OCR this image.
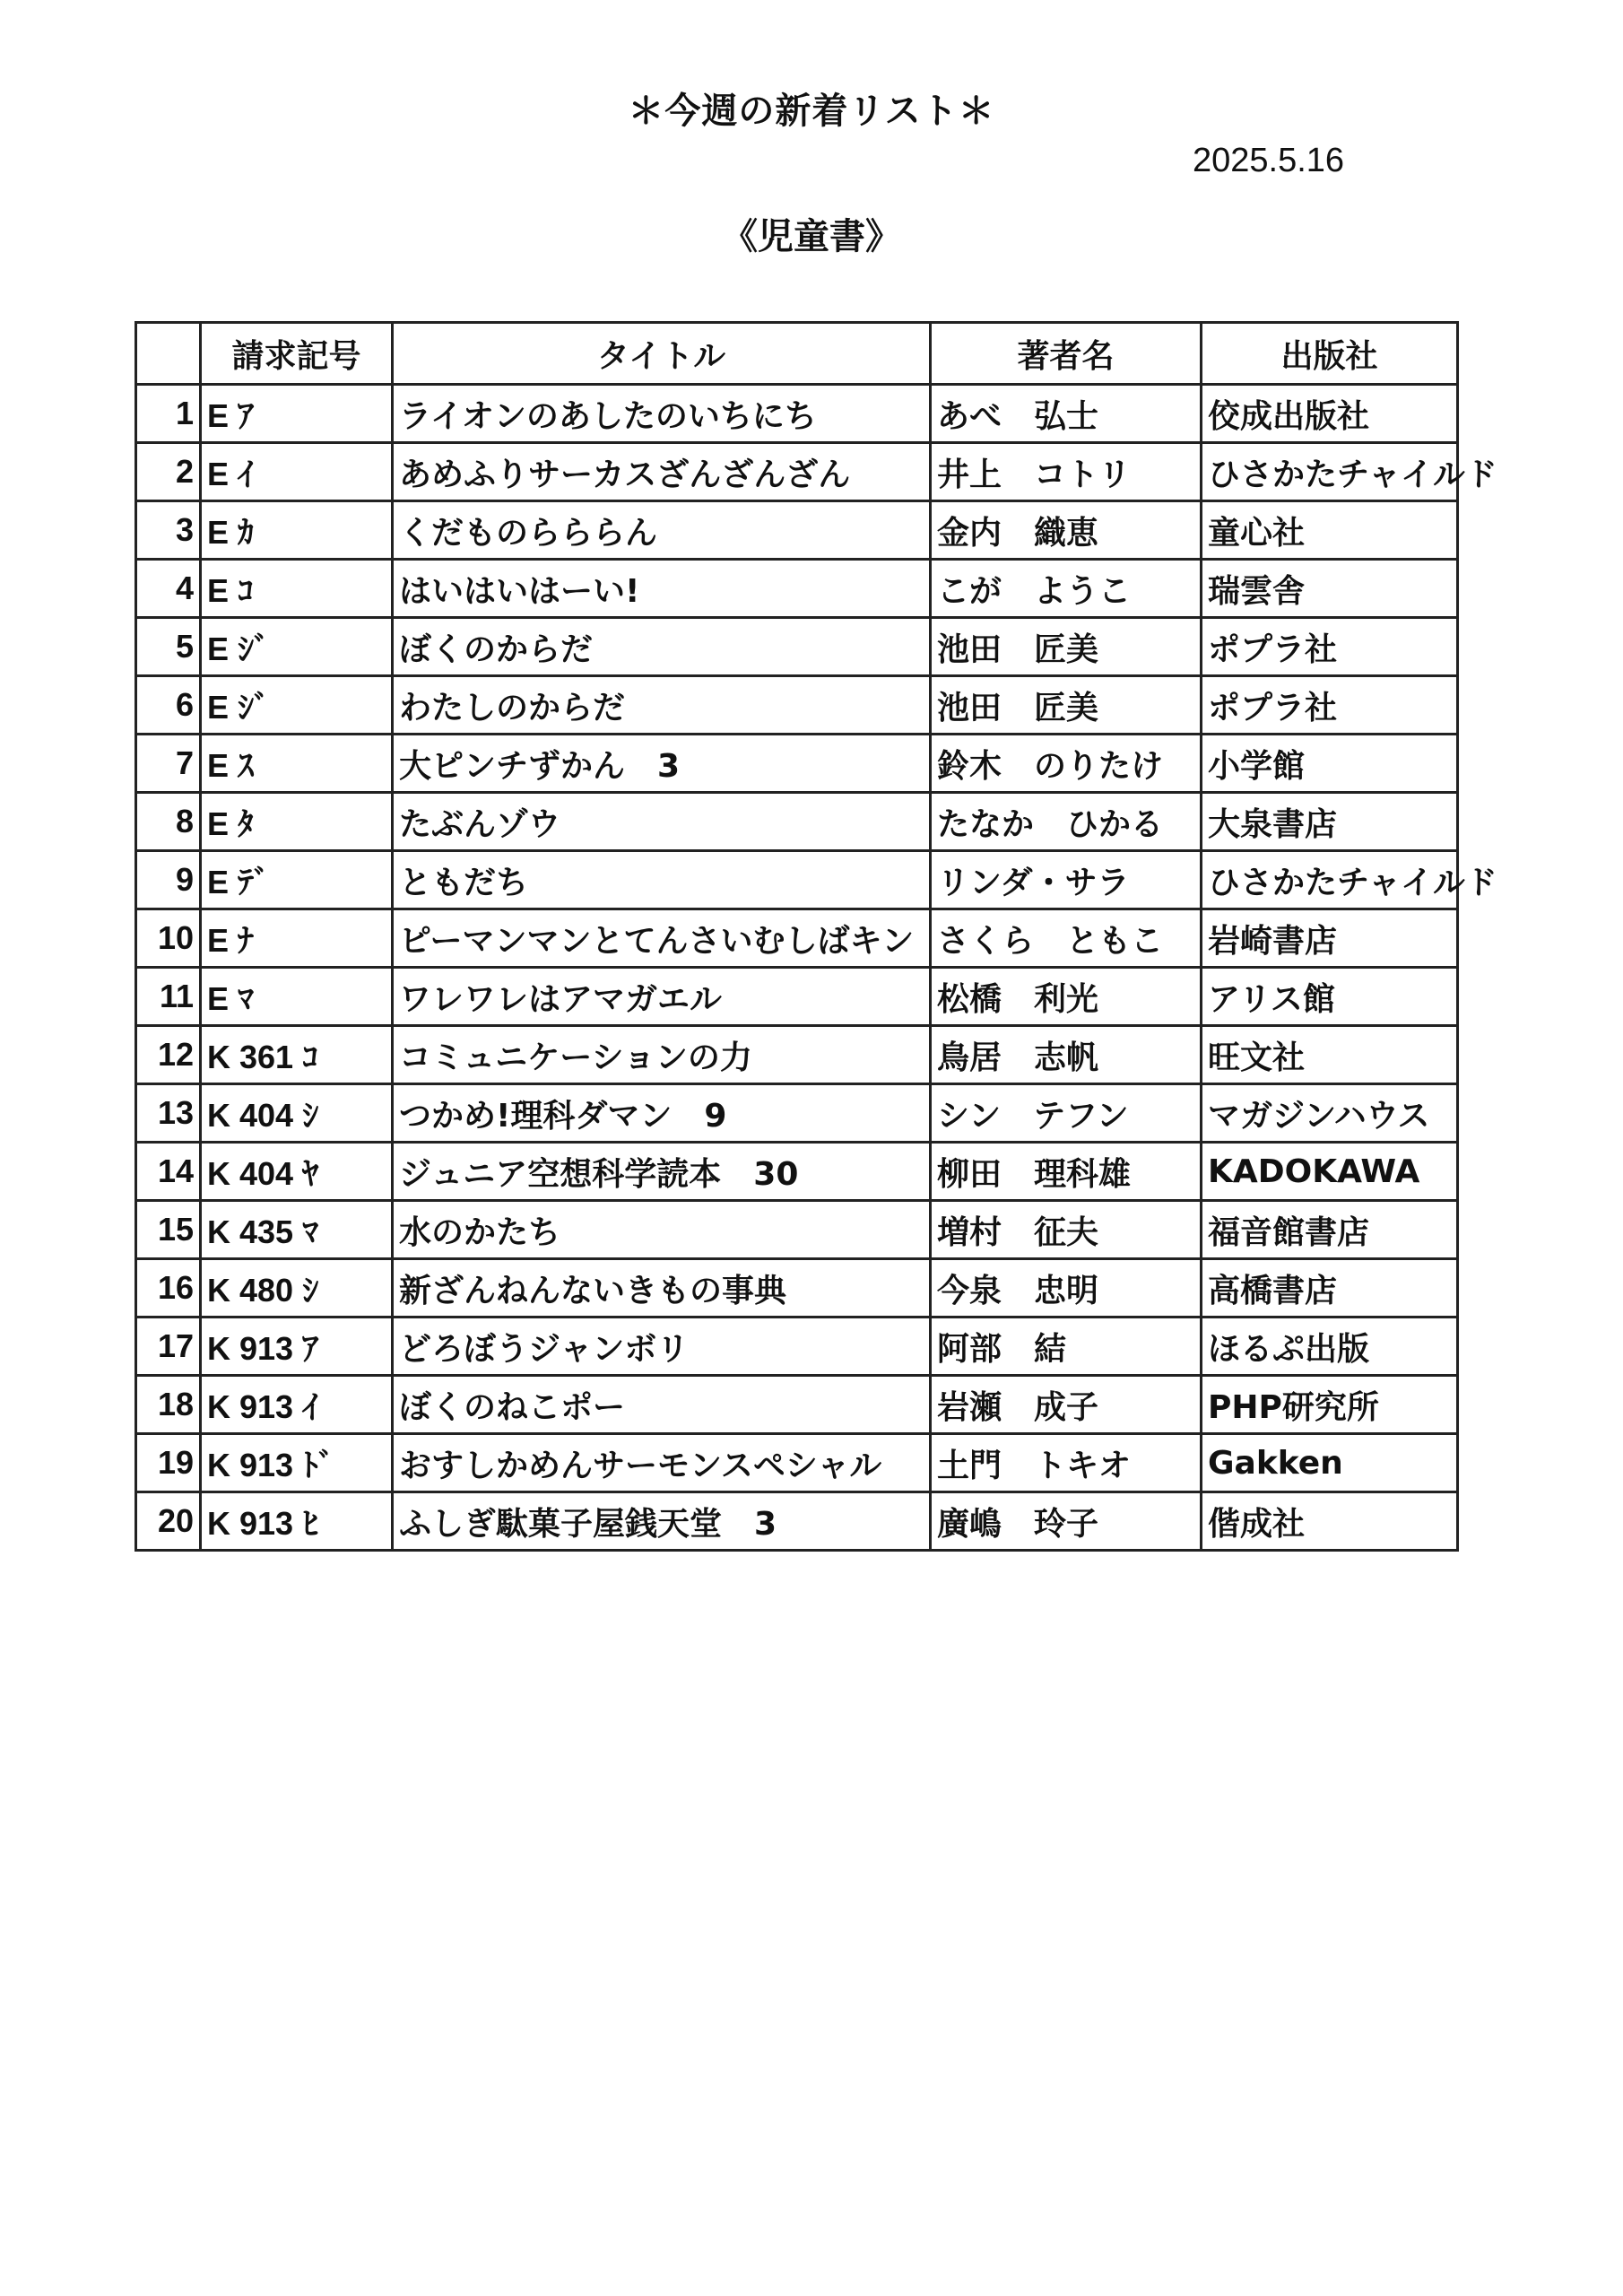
＊今週の新着リスト＊
2025.5.16
《児童書》
	請求記号	タイトル	著者名	出版社
1	E ｱ	ライオンのあしたのいちにち	あべ　弘士	佼成出版社
2	E ｲ	あめふりサーカスざんざんざん	井上　コトリ	ひさかたチャイルド
3	E ｶ	くだものらららん	金内　織恵	童心社
4	E ｺ	はいはいはーい!	こが　ようこ	瑞雲舎
5	E ｼﾞ	ぼくのからだ	池田　匠美	ポプラ社
6	E ｼﾞ	わたしのからだ	池田　匠美	ポプラ社
7	E ｽ	大ピンチずかん　3	鈴木　のりたけ	小学館
8	E ﾀ	たぶんゾウ	たなか　ひかる	大泉書店
9	E ﾃﾞ	ともだち	リンダ・サラ	ひさかたチャイルド
10	E ﾅ	ピーマンマンとてんさいむしばキン	さくら　ともこ	岩崎書店
11	E ﾏ	ワレワレはアマガエル	松橋　利光	アリス館
12	K 361 ｺ	コミュニケーションの力	鳥居　志帆	旺文社
13	K 404 ｼ	つかめ!理科ダマン　9	シン　テフン	マガジンハウス
14	K 404 ﾔ	ジュニア空想科学読本　30	柳田　理科雄	KADOKAWA
15	K 435 ﾏ	水のかたち	増村　征夫	福音館書店
16	K 480 ｼ	新ざんねんないきもの事典	今泉　忠明	高橋書店
17	K 913 ｱ	どろぼうジャンボリ	阿部　結	ほるぷ出版
18	K 913 ｲ	ぼくのねこポー	岩瀬　成子	PHP研究所
19	K 913 ﾄﾞ	おすしかめんサーモンスペシャル	土門　トキオ	Gakken
20	K 913 ﾋ	ふしぎ駄菓子屋銭天堂　3	廣嶋　玲子	偕成社
